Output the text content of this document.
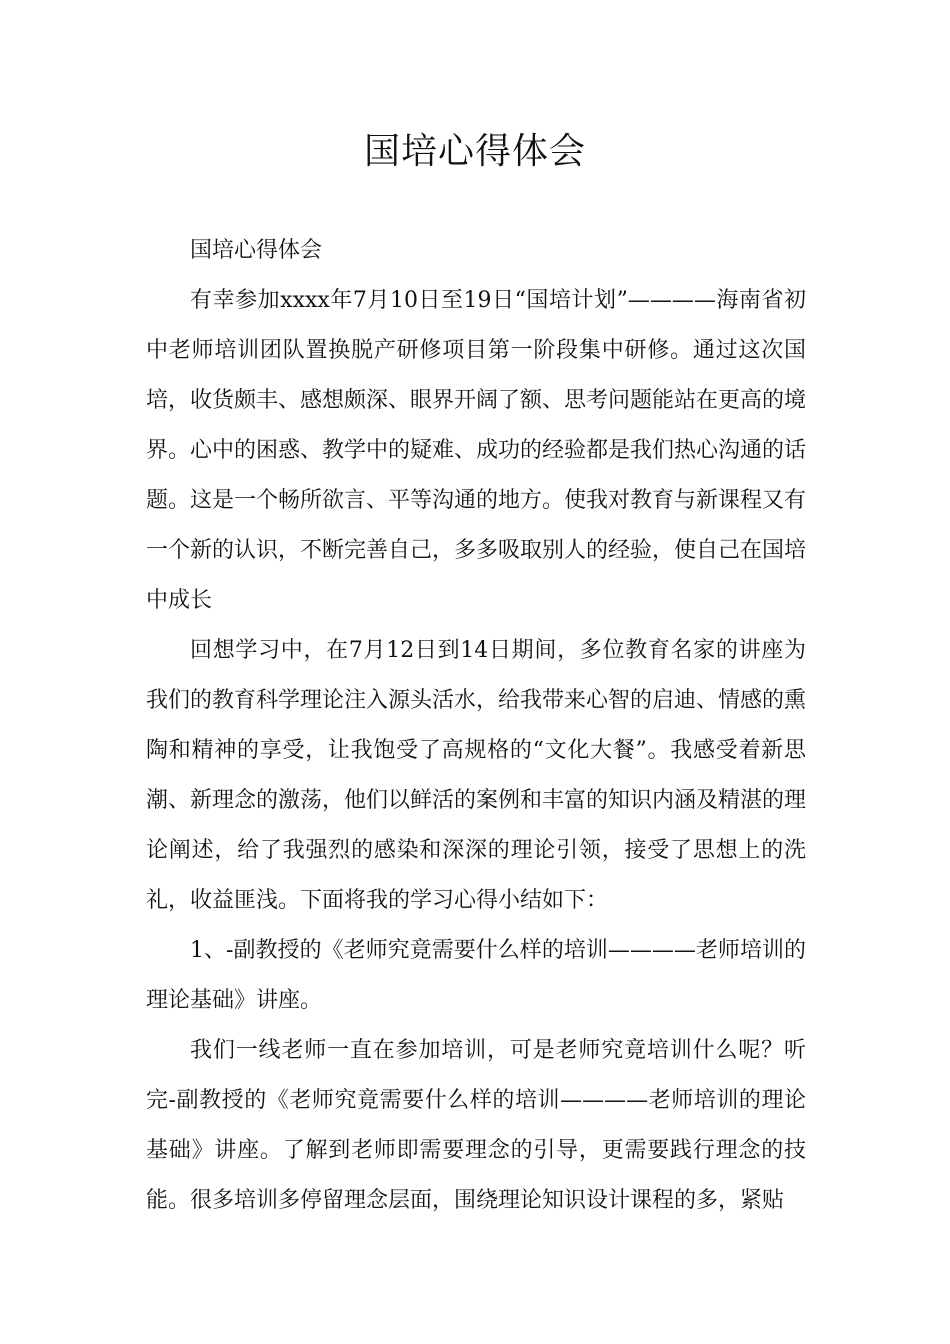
国培心得体会

国培心得体会

有幸参加xxxx年7月10日至19日“国培计划”————海南省初中老师培训团队置换脱产研修项目第一阶段集中研修。通过这次国培，收货颇丰、感想颇深、眼界开阔了额、思考问题能站在更高的境界。心中的困惑、教学中的疑难、成功的经验都是我们热心沟通的话题。这是一个畅所欲言、平等沟通的地方。使我对教育与新课程又有一个新的认识，不断完善自己，多多吸取别人的经验，使自己在国培中成长

回想学习中，在7月12日到14日期间，多位教育名家的讲座为我们的教育科学理论注入源头活水，给我带来心智的启迪、情感的熏陶和精神的享受，让我饱受了高规格的“文化大餐”。我感受着新思潮、新理念的激荡，他们以鲜活的案例和丰富的知识内涵及精湛的理论阐述，给了我强烈的感染和深深的理论引领，接受了思想上的洗礼，收益匪浅。下面将我的学习心得小结如下：

1、-副教授的《老师究竟需要什么样的培训————老师培训的理论基础》讲座。

我们一线老师一直在参加培训，可是老师究竟培训什么呢？听完-副教授的《老师究竟需要什么样的培训————老师培训的理论基础》讲座。了解到老师即需要理念的引导，更需要践行理念的技能。很多培训多停留理念层面，围绕理论知识设计课程的多，紧贴
